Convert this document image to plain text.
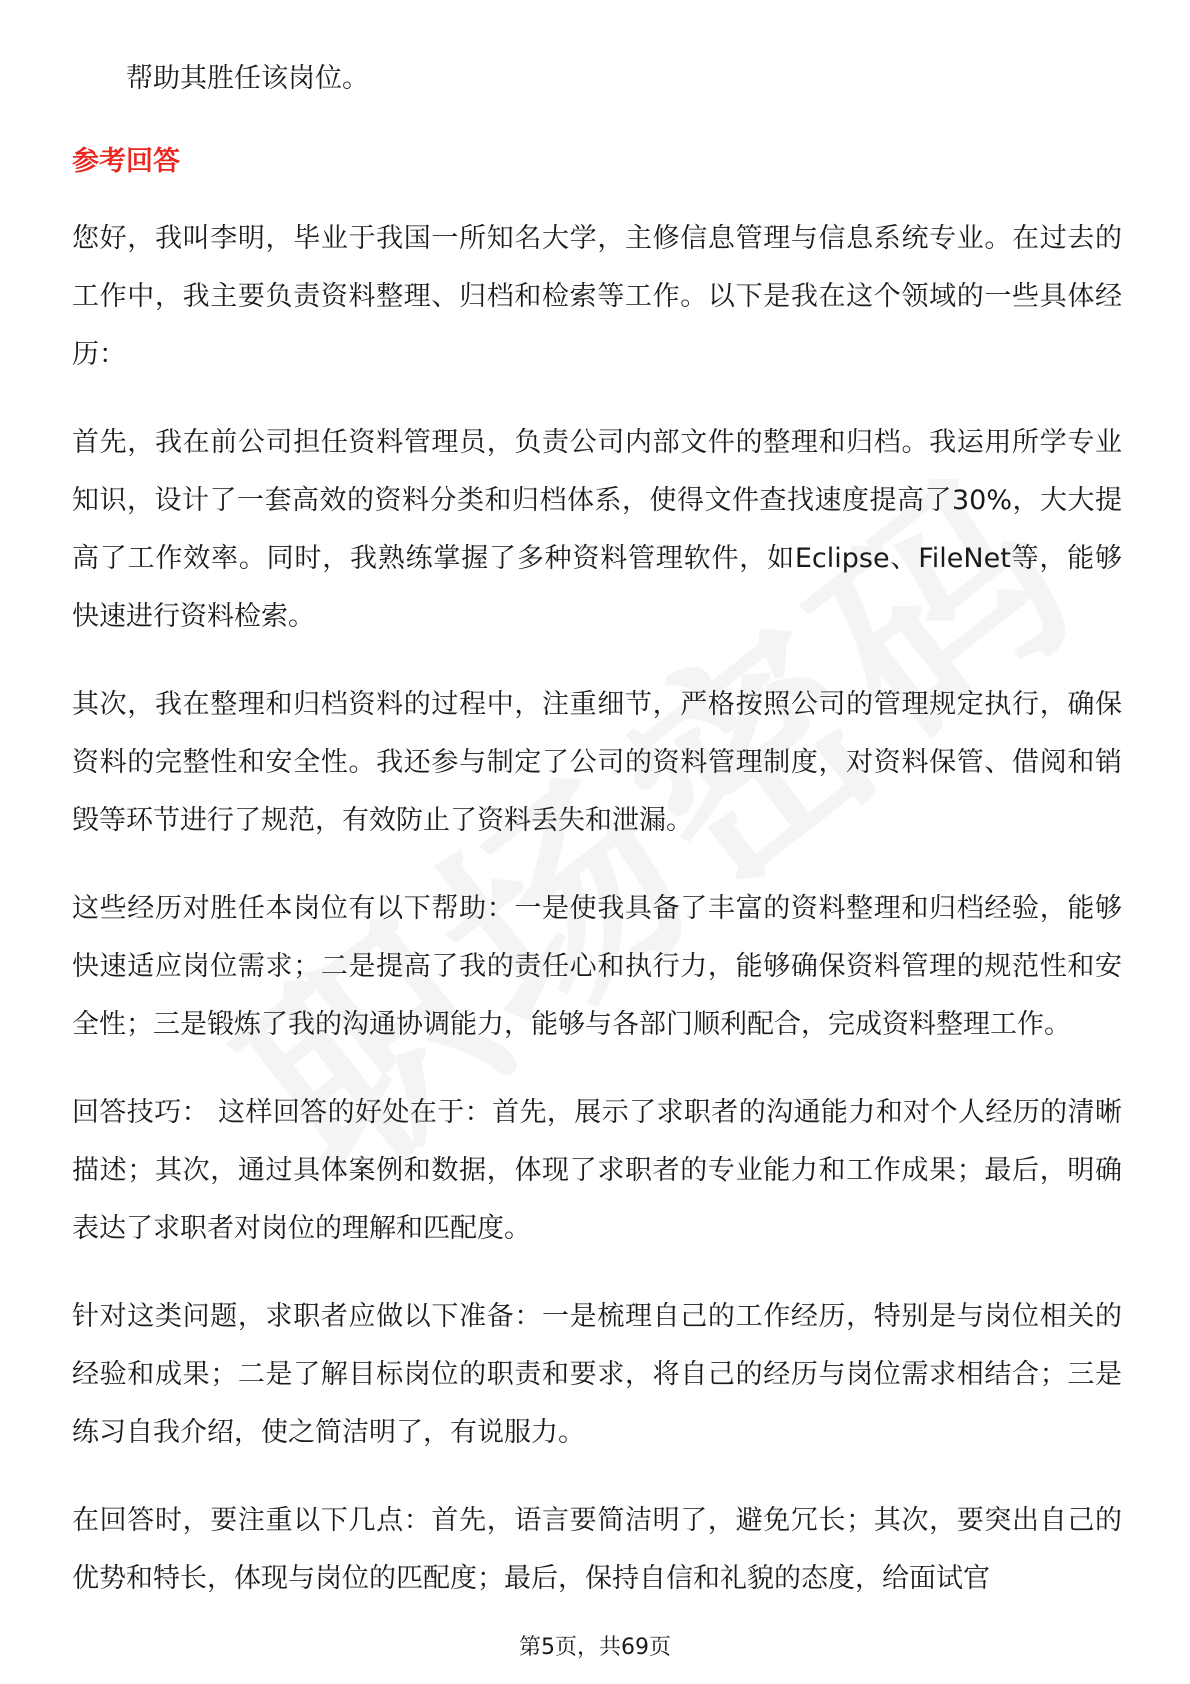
帮助其胜任该岗位。

参考回答

您好，我叫李明，毕业于我国一所知名大学，主修信息管理与信息系统专业。在过去的工作中，我主要负责资料整理、归档和检索等工作。以下是我在这个领域的一些具体经历：

首先，我在前公司担任资料管理员，负责公司内部文件的整理和归档。我运用所学专业知识，设计了一套高效的资料分类和归档体系，使得文件查找速度提高了30%，大大提高了工作效率。同时，我熟练掌握了多种资料管理软件，如Eclipse、FileNet等，能够快速进行资料检索。

其次，我在整理和归档资料的过程中，注重细节，严格按照公司的管理规定执行，确保资料的完整性和安全性。我还参与制定了公司的资料管理制度，对资料保管、借阅和销毁等环节进行了规范，有效防止了资料丢失和泄漏。

这些经历对胜任本岗位有以下帮助：一是使我具备了丰富的资料整理和归档经验，能够快速适应岗位需求；二是提高了我的责任心和执行力，能够确保资料管理的规范性和安全性；三是锻炼了我的沟通协调能力，能够与各部门顺利配合，完成资料整理工作。

回答技巧： 这样回答的好处在于：首先，展示了求职者的沟通能力和对个人经历的清晰描述；其次，通过具体案例和数据，体现了求职者的专业能力和工作成果；最后，明确表达了求职者对岗位的理解和匹配度。

针对这类问题，求职者应做以下准备：一是梳理自己的工作经历，特别是与岗位相关的经验和成果；二是了解目标岗位的职责和要求，将自己的经历与岗位需求相结合；三是练习自我介绍，使之简洁明了，有说服力。

在回答时，要注重以下几点：首先，语言要简洁明了，避免冗长；其次，要突出自己的优势和特长，体现与岗位的匹配度；最后，保持自信和礼貌的态度，给面试官

第5页，共69页
